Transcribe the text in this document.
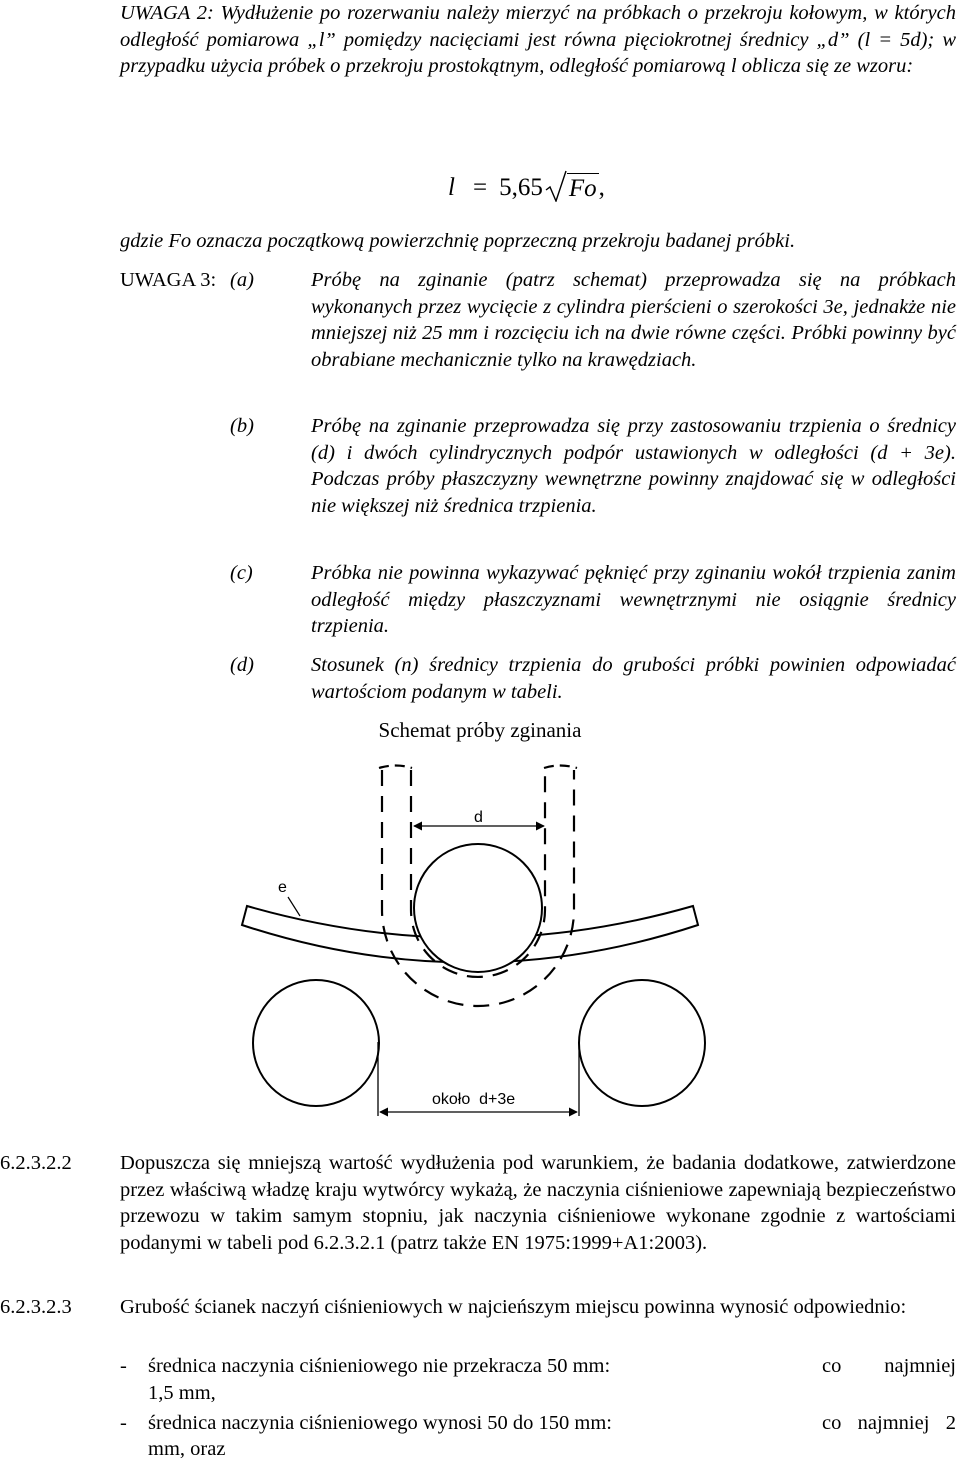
UWAGA 2: Wydłużenie po rozerwaniu należy mierzyć na próbkach o przekroju kołowym, w których odległość pomiarowa „l” pomiędzy nacięciami jest równa pięciokrotnej średnicy „d” (l = 5d); w przypadku użycia próbek o przekroju prostokątnym, odległość pomiarową l oblicza się ze wzoru:
l = 5,65 Fo ,
gdzie Fo oznacza początkową powierzchnię poprzeczną przekroju badanej próbki.
UWAGA 3: (a)	Próbę na zginanie (patrz schemat) przeprowadza się na próbkach wykonanych przez wycięcie z cylindra pierścieni o szerokości 3e, jednakże nie mniejszej niż 25 mm i rozcięciu ich na dwie równe części. Próbki powinny być obrabiane mechanicznie tylko na krawędziach.
(b)	Próbę na zginanie przeprowadza się przy zastosowaniu trzpienia o średnicy (d) i dwóch cylindrycznych podpór ustawionych w odległości (d + 3e). Podczas próby płaszczyzny wewnętrzne powinny znajdować się w odległości nie większej niż średnica trzpienia.
(c)	Próbka nie powinna wykazywać pęknięć przy zginaniu wokół trzpienia zanim odległość między płaszczyznami wewnętrznymi nie osiągnie średnicy trzpienia.
(d)	Stosunek (n) średnicy trzpienia do grubości próbki powinien odpowiadać wartościom podanym w tabeli.
Schemat próby zginania
d
e
około  d+3e
6.2.3.2.2 Dopuszcza się mniejszą wartość wydłużenia pod warunkiem, że badania dodatkowe, zatwierdzone przez właściwą władzę kraju wytwórcy wykażą, że naczynia ciśnieniowe zapewniają bezpieczeństwo przewozu w takim samym stopniu, jak naczynia ciśnieniowe wykonane zgodnie z wartościami podanymi w tabeli pod 6.2.3.2.1 (patrz także EN 1975:1999+A1:2003).
6.2.3.2.3 Grubość ścianek naczyń ciśnieniowych w najcieńszym miejscu powinna wynosić odpowiednio:
- średnica naczynia ciśnieniowego nie przekracza 50 mm:	co najmniej
1,5 mm,
- średnica naczynia ciśnieniowego wynosi 50 do 150 mm:	co najmniej 2
mm, oraz
